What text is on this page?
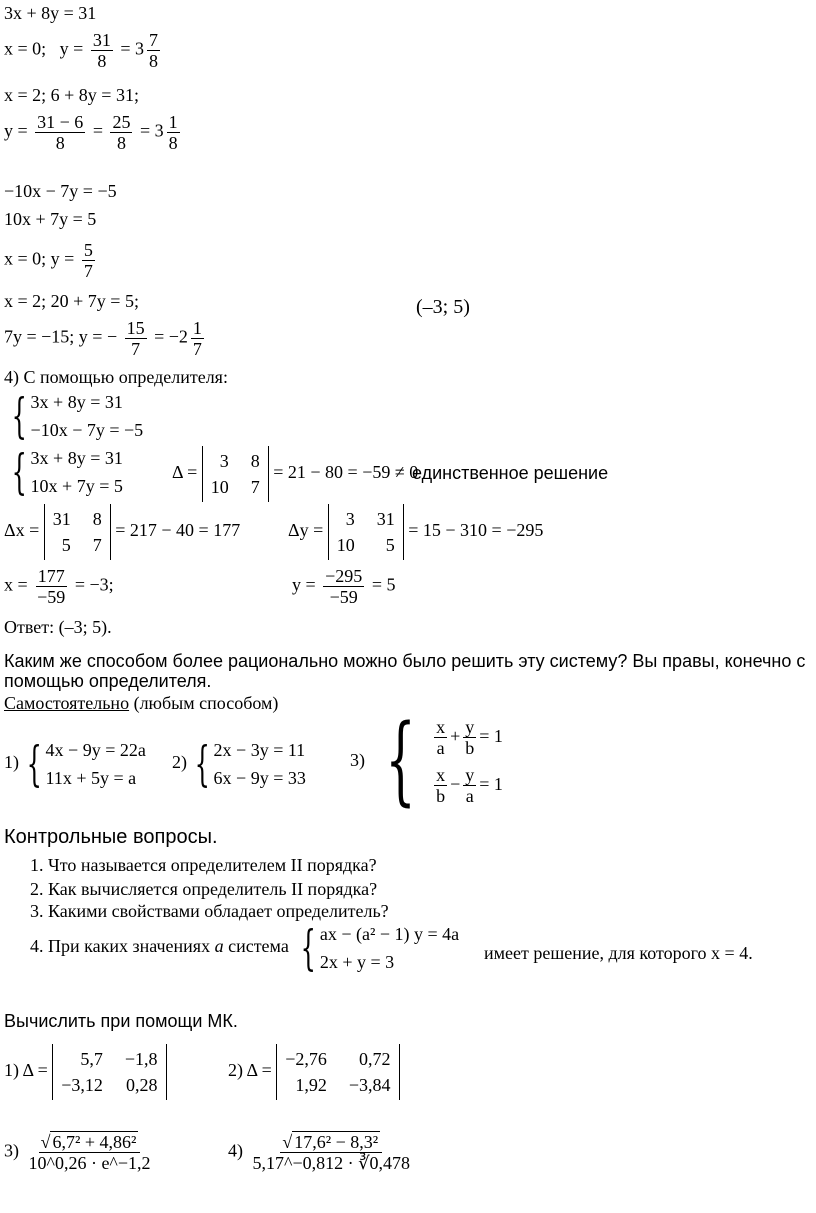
3x + 8y = 31
x = 0; $y = \frac{31}{8} = 3 \frac{7}{8}$
x = 2; 6 + 8y = 31;
$y = \frac{31 - 6}{8} = \frac{25}{8} = 3 \frac{1}{8}$
−10x − 7y = −5
10x + 7y = 5
x = 0; $y = \frac{5}{7}$
x = 2; 20 + 7y = 5;	(–3; 5)
7y = −15; y = − $\frac{15}{7} = -2 \frac{1}{7}$
4) С помощью определителя:
{ 3x + 8y = 31
−10x − 7y = −5
{ 3x + 8y = 31
10x + 7y = 5
Δ =
3 8
10 7
= 21 − 80 = −59 ≠ 0
единственное решение
Δx =
31 8
5 7
= 217 − 40 = 177	Δy =
3 31
10	5
= 15 − 310 = −295
$x = \frac{177}{-59} = -3$;	$y = \frac{-295}{-59} = 5$
Ответ: (–3; 5).
Каким же способом более рационально можно было решить эту систему? Вы правы, конечно с
помощью определителя.
Самостоятельно (любым способом)
1) { 4x − 9y = 22a
11x + 5y = a
2) { 2x − 3y = 11
6x − 9y = 33
3) { $\frac{x}{a} + \frac{y}{b} = 1$
$\frac{x}{b} - \frac{y}{a} = 1$
Контрольные вопросы.
1. Что называется определителем II порядка?
2. Как вычисляется определитель II порядка?
3. Какими свойствами обладает определитель?
4. При каких значениях a система { ax − (a² − 1) y = 4a
2x + y = 3	имеет решение, для которого x = 4.
Вычислить при помощи МК.
1) Δ =
5,7 −1,8
−3,12 0,28
2) Δ =
−2,76	0,72
1,92 −3,84
$3) \frac{\text{√ 6,7² + 4,86²}}{10\^{}0,26 \cdot e\^{}-1,2}$	$4) \frac{\text{√ 17,6² − 8,3²}}{5,17\^{}-0,812 \cdot ∛0,478}$
